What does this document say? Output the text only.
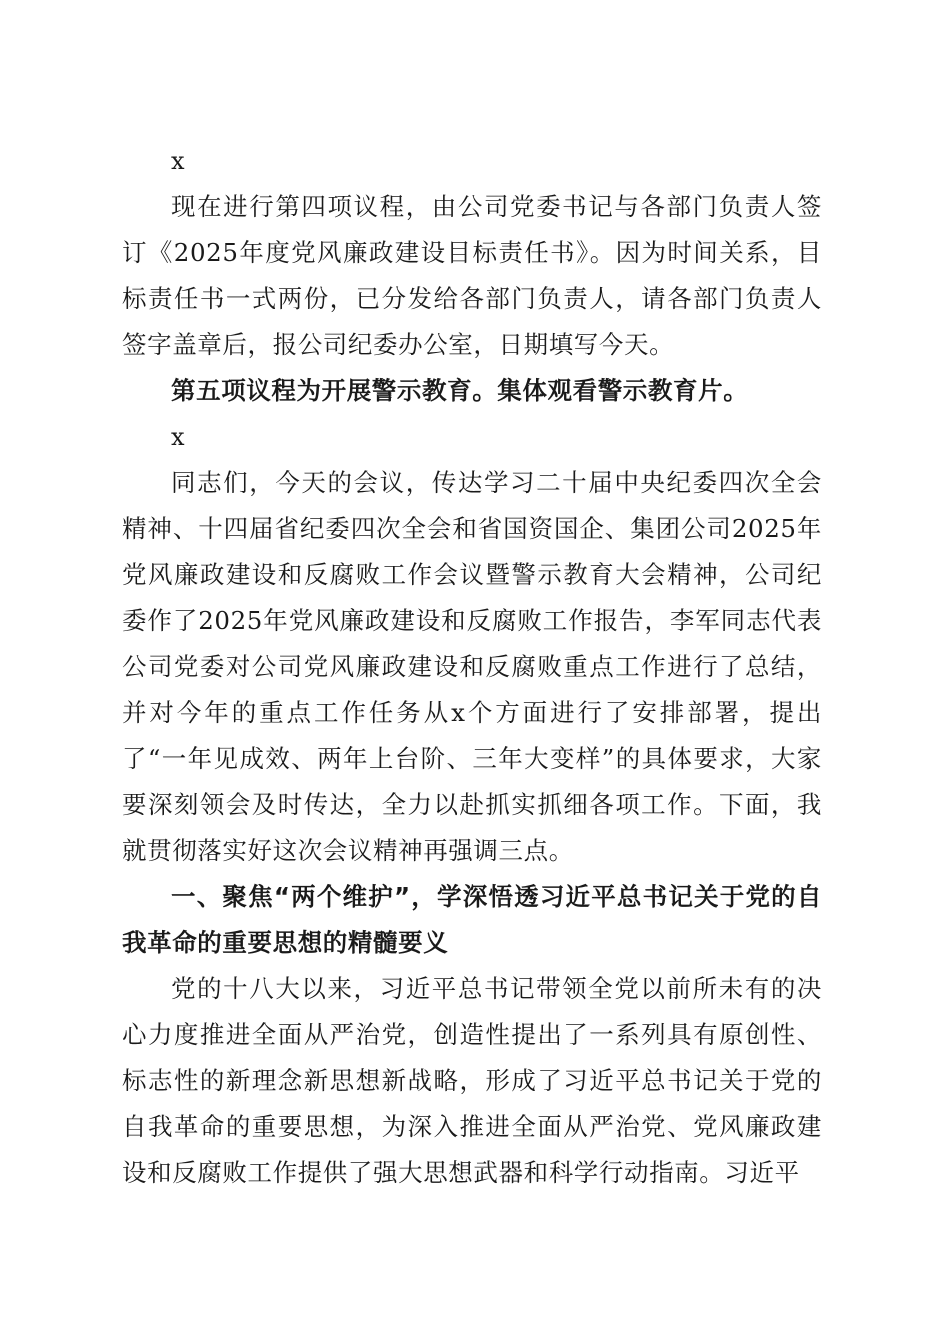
x

现在进行第四项议程，由公司党委书记与各部门负责人签订《2025年度党风廉政建设目标责任书》。因为时间关系，目标责任书一式两份，已分发给各部门负责人，请各部门负责人签字盖章后，报公司纪委办公室，日期填写今天。

第五项议程为开展警示教育。集体观看警示教育片。

x

同志们，今天的会议，传达学习二十届中央纪委四次全会精神、十四届省纪委四次全会和省国资国企、集团公司2025年党风廉政建设和反腐败工作会议暨警示教育大会精神，公司纪委作了2025年党风廉政建设和反腐败工作报告，李军同志代表公司党委对公司党风廉政建设和反腐败重点工作进行了总结，并对今年的重点工作任务从x个方面进行了安排部署，提出了“一年见成效、两年上台阶、三年大变样”的具体要求，大家要深刻领会及时传达，全力以赴抓实抓细各项工作。下面，我就贯彻落实好这次会议精神再强调三点。

一、聚焦“两个维护”，学深悟透习近平总书记关于党的自我革命的重要思想的精髓要义

党的十八大以来，习近平总书记带领全党以前所未有的决心力度推进全面从严治党，创造性提出了一系列具有原创性、标志性的新理念新思想新战略，形成了习近平总书记关于党的自我革命的重要思想，为深入推进全面从严治党、党风廉政建设和反腐败工作提供了强大思想武器和科学行动指南。习近平
